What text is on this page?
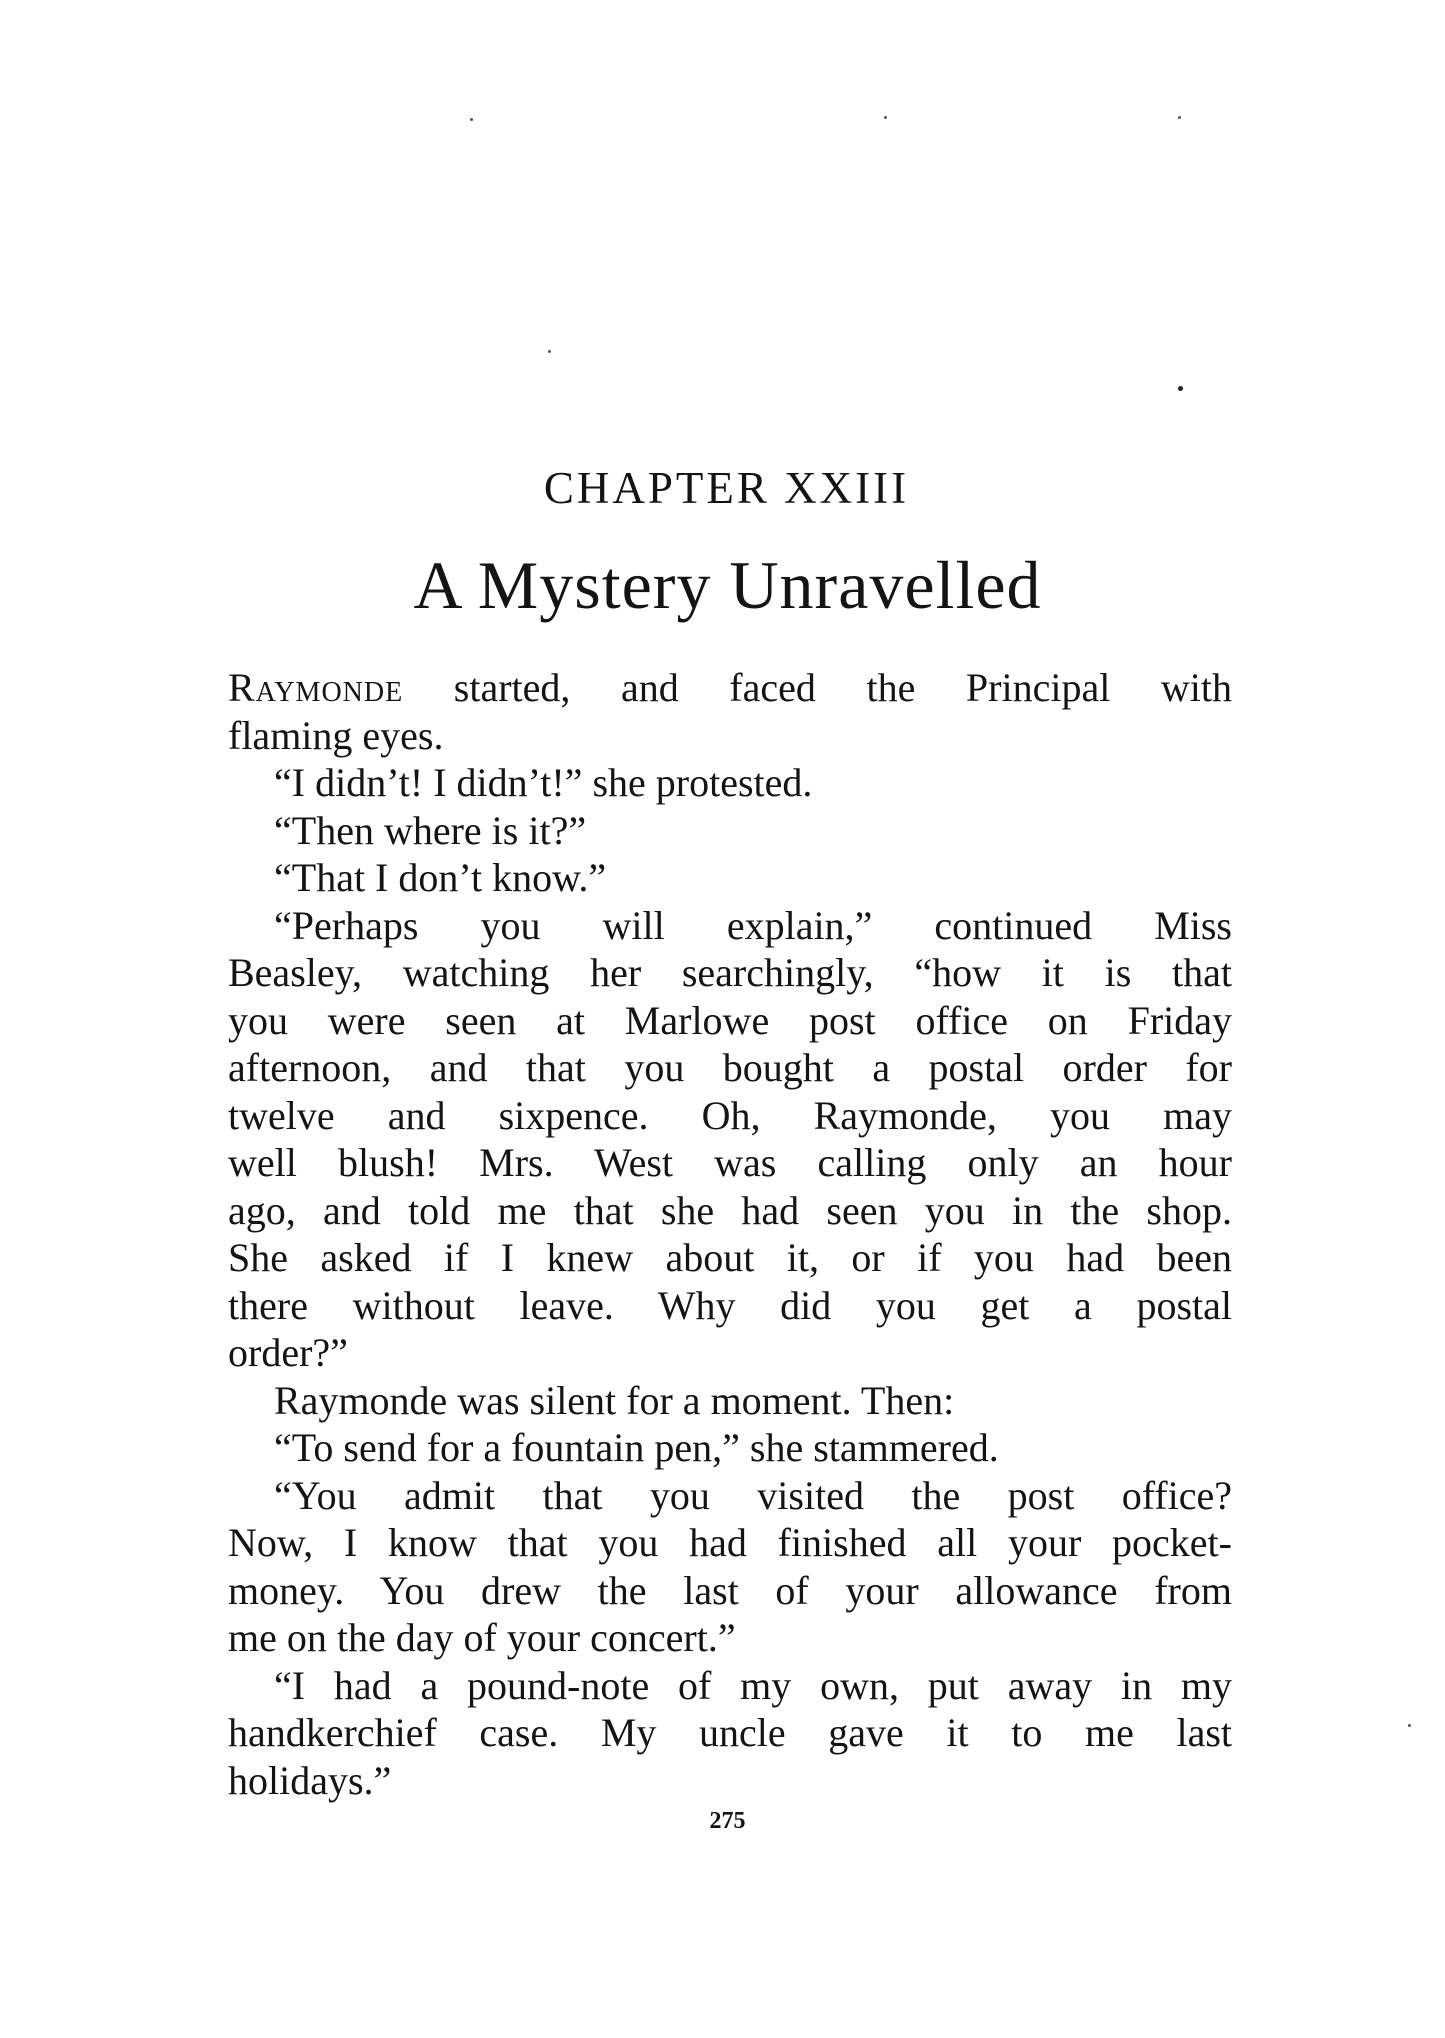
CHAPTER XXIII
A Mystery Unravelled
Raymonde started, and faced the Principal with
flaming eyes.
“I didn’t! I didn’t!” she protested.
“Then where is it?”
“That I don’t know.”
“Perhaps you will explain,” continued Miss
Beasley, watching her searchingly, “how it is that
you were seen at Marlowe post office on Friday
afternoon, and that you bought a postal order for
twelve and sixpence. Oh, Raymonde, you may
well blush! Mrs. West was calling only an hour
ago, and told me that she had seen you in the shop.
She asked if I knew about it, or if you had been
there without leave. Why did you get a postal
order?”
Raymonde was silent for a moment. Then:
“To send for a fountain pen,” she stammered.
“You admit that you visited the post office?
Now, I know that you had finished all your pocket-
money. You drew the last of your allowance from
me on the day of your concert.”
“I had a pound-note of my own, put away in my
handkerchief case. My uncle gave it to me last
holidays.”
275
